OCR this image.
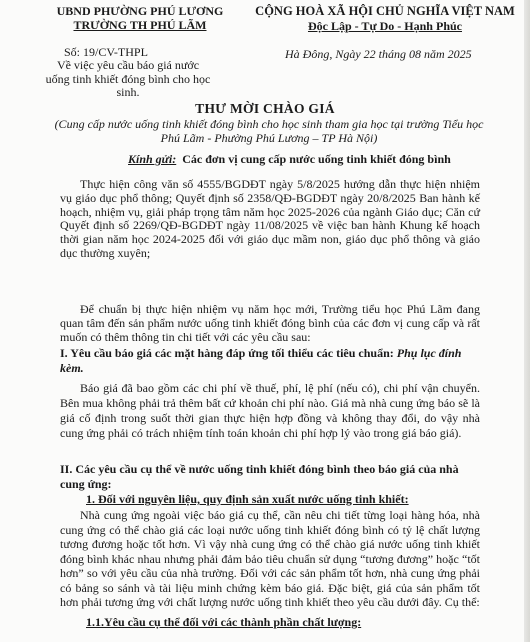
UBND PHƯỜNG PHÚ LƯƠNG
TRƯỜNG TH PHÚ LÃM
CỘNG HOÀ XÃ HỘI CHỦ NGHĨA VIỆT NAM
Độc Lập - Tự Do - Hạnh Phúc
Số: 19/CV-THPL
Về việc yêu cầu báo giá nước uống tinh khiết đóng bình cho học sinh.
Hà Đông, Ngày 22 tháng 08 năm 2025
THƯ MỜI CHÀO GIÁ
(Cung cấp nước uống tinh khiết đóng bình cho học sinh tham gia học tại trường Tiểu học Phú Lãm - Phường Phú Lương – TP Hà Nội)
Kính gửi: Các đơn vị cung cấp nước uống tinh khiết đóng bình
Thực hiện công văn số 4555/BGDĐT ngày 5/8/2025 hướng dẫn thực hiện nhiệm vụ giáo dục phổ thông; Quyết định số 2358/QĐ-BGDĐT ngày 20/8/2025 Ban hành kế hoạch, nhiệm vụ, giải pháp trọng tâm năm học 2025-2026 của ngành Giáo dục; Căn cứ Quyết định số 2269/QĐ-BGDĐT ngày 11/08/2025 về việc ban hành Khung kế hoạch thời gian năm học 2024-2025 đối với giáo dục mầm non, giáo dục phổ thông và giáo dục thường xuyên;
Để chuẩn bị thực hiện nhiệm vụ năm học mới, Trường tiểu học Phú Lãm đang quan tâm đến sản phẩm nước uống tinh khiết đóng bình của các đơn vị cung cấp và rất muốn có thêm thông tin chi tiết với các yêu cầu sau:
I. Yêu cầu báo giá các mặt hàng đáp ứng tối thiểu các tiêu chuẩn: Phụ lục đính kèm.
Báo giá đã bao gồm các chi phí về thuế, phí, lệ phí (nếu có), chi phí vận chuyển. Bên mua không phải trả thêm bất cứ khoản chi phí nào. Giá mà nhà cung ứng báo sẽ là giá cố định trong suốt thời gian thực hiện hợp đồng và không thay đổi, do vậy nhà cung ứng phải có trách nhiệm tính toán khoản chi phí hợp lý vào trong giá báo giá).
II. Các yêu cầu cụ thể về nước uống tinh khiết đóng bình theo báo giá của nhà cung ứng:
1. Đối với nguyên liệu, quy định sản xuất nước uống tinh khiết:
Nhà cung ứng ngoài việc báo giá cụ thể, cần nêu chi tiết từng loại hàng hóa, nhà cung ứng có thể chào giá các loại nước uống tinh khiết đóng bình có tỷ lệ chất lượng tương đương hoặc tốt hơn. Vì vậy nhà cung ứng có thể chào giá nước uống tinh khiết đóng bình khác nhau nhưng phải đảm bảo tiêu chuẩn sử dụng “tương đương” hoặc “tốt hơn” so với yêu cầu của nhà trường. Đối với các sản phẩm tốt hơn, nhà cung ứng phải có bảng so sánh và tài liệu minh chứng kèm báo giá. Đặc biệt, giá của sản phẩm tốt hơn phải tương ứng với chất lượng nước uống tinh khiết theo yêu cầu dưới đây. Cụ thể:
1.1.Yêu cầu cụ thể đối với các thành phần chất lượng:
